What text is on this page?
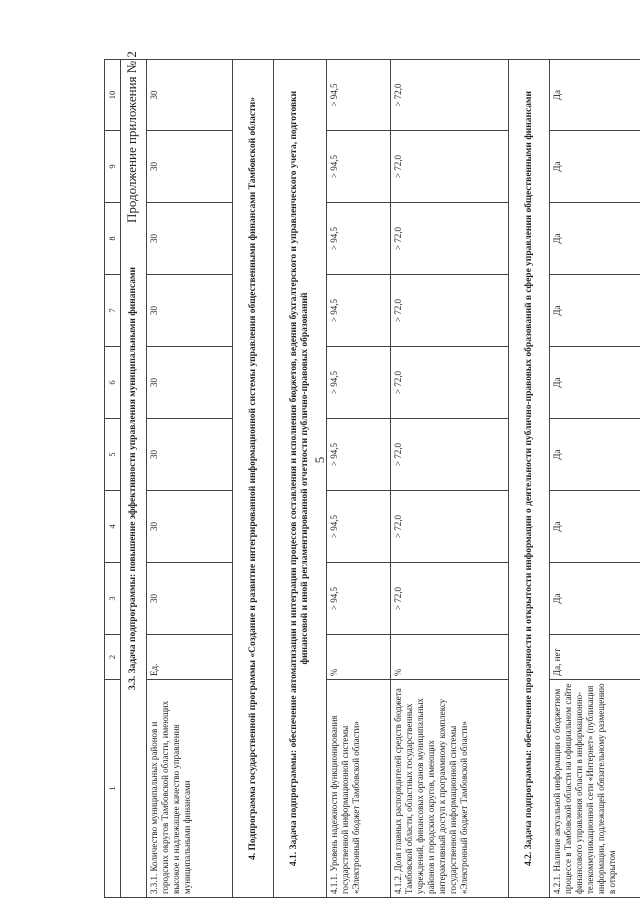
5
Продолжение приложения № 2
1	2	3	4	5	6	7	8	9	10
3.3. Задача подпрограммы: повышение эффективности управления муниципальными финансами									
3.3.1. Количество муниципальных районов и городских округов Тамбовской области, имеющих высокое и надлежащее качество управления муниципальными финансами	Ед.	30	30	30	30	30	30	30	30
4. Подпрограмма государственной программы «Создание и развитие интегрированной информационной системы управления общественными финансами Тамбовской области»									
4.1. Задача подпрограммы: обеспечение автоматизации и интеграции процессов составления и исполнения бюджетов, ведения бухгалтерского и управленческого учета, подготовки финансовой и иной регламентированной отчетности публично-правовых образований									
4.1.1. Уровень надежности функционирования государственной информационной системы «Электронный бюджет Тамбовской области»	%	> 94,5	> 94,5	> 94,5	> 94,5	> 94,5	> 94,5	> 94,5	> 94,5
4.1.2. Доля главных распорядителей средств бюджета Тамбовской области, областных государственных учреждений, финансовых органов муниципальных районов и городских округов, имеющих интерактивный доступ к программному комплексу государственной информационной системы «Электронный бюджет Тамбовской области»	%	> 72,0	> 72,0	> 72,0	> 72,0	> 72,0	> 72,0	> 72,0	> 72,0
4.2. Задача подпрограммы: обеспечение прозрачности и открытости информации о деятельности публично-правовых образований в сфере управления общественными финансами									
4.2.1. Наличие актуальной информации о бюджетном процессе в Тамбовской области на официальном сайте финансового управления области в информационно-телекоммуникационной сети «Интернет» (публикация информации, подлежащей обязательному размещению в открытом	Да, нет	Да	Да	Да	Да	Да	Да	Да	Да
